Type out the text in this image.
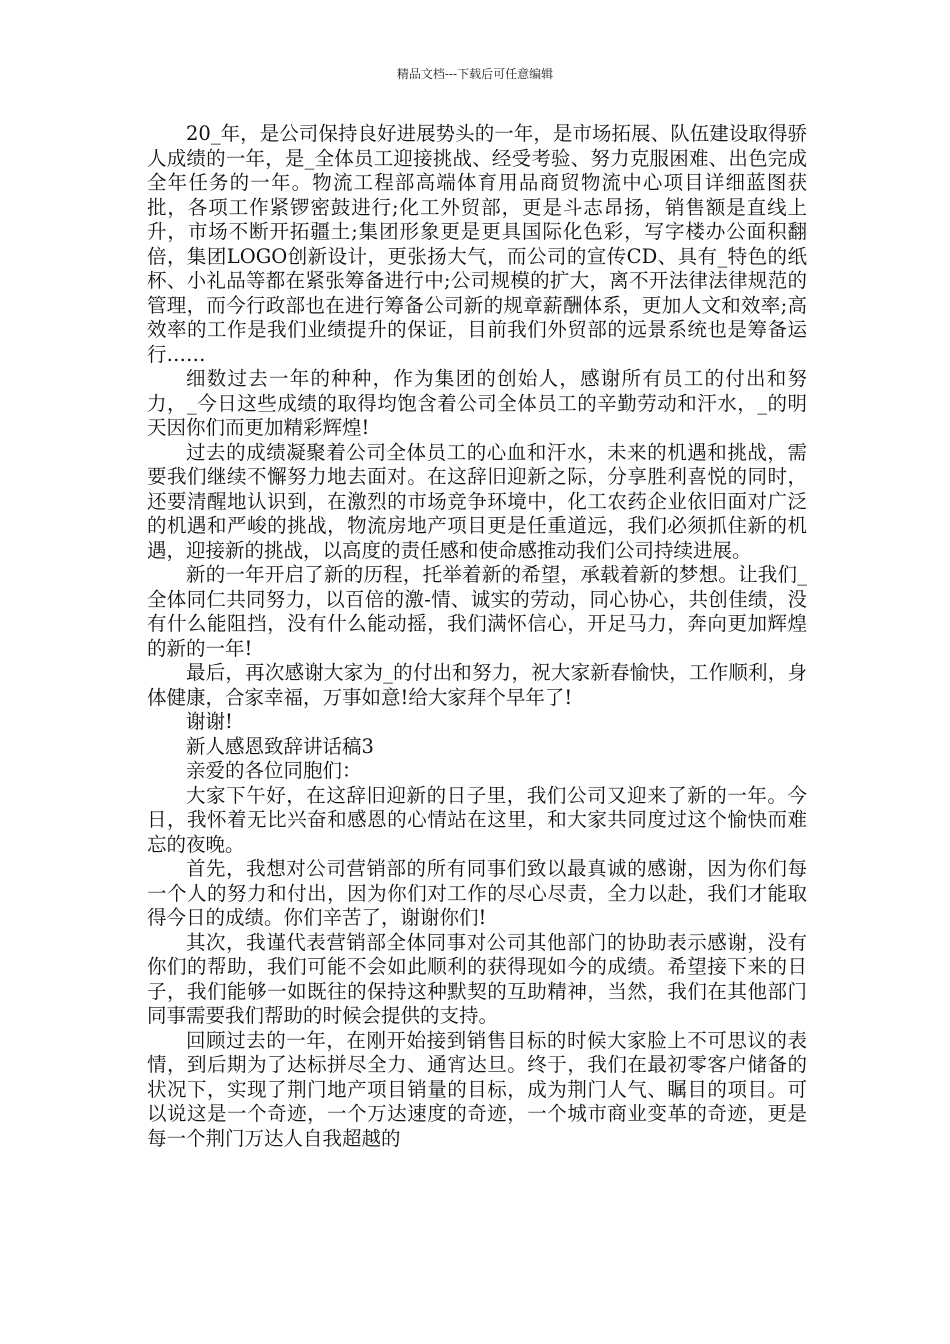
精品文档---下载后可任意编辑

20_年，是公司保持良好进展势头的一年，是市场拓展、队伍建设取得骄人成绩的一年，是_全体员工迎接挑战、经受考验、努力克服困难、出色完成全年任务的一年。物流工程部高端体育用品商贸物流中心项目详细蓝图获批，各项工作紧锣密鼓进行;化工外贸部，更是斗志昂扬，销售额是直线上升，市场不断开拓疆土;集团形象更是更具国际化色彩，写字楼办公面积翻倍，集团LOGO创新设计，更张扬大气，而公司的宣传CD、具有_特色的纸杯、小礼品等都在紧张筹备进行中;公司规模的扩大，离不开法律法律规范的管理，而今行政部也在进行筹备公司新的规章薪酬体系，更加人文和效率;高效率的工作是我们业绩提升的保证，目前我们外贸部的远景系统也是筹备运行……

细数过去一年的种种，作为集团的创始人，感谢所有员工的付出和努力，_今日这些成绩的取得均饱含着公司全体员工的辛勤劳动和汗水，_的明天因你们而更加精彩辉煌!

过去的成绩凝聚着公司全体员工的心血和汗水，未来的机遇和挑战，需要我们继续不懈努力地去面对。在这辞旧迎新之际，分享胜利喜悦的同时，还要清醒地认识到，在激烈的市场竞争环境中，化工农药企业依旧面对广泛的机遇和严峻的挑战，物流房地产项目更是任重道远，我们必须抓住新的机遇，迎接新的挑战，以高度的责任感和使命感推动我们公司持续进展。

新的一年开启了新的历程，托举着新的希望，承载着新的梦想。让我们_全体同仁共同努力，以百倍的激-情、诚实的劳动，同心协心，共创佳绩，没有什么能阻挡，没有什么能动摇，我们满怀信心，开足马力，奔向更加辉煌的新的一年!

最后，再次感谢大家为_的付出和努力，祝大家新春愉快，工作顺利，身体健康，合家幸福，万事如意!给大家拜个早年了!

谢谢!

新人感恩致辞讲话稿3

亲爱的各位同胞们：

大家下午好，在这辞旧迎新的日子里，我们公司又迎来了新的一年。今日，我怀着无比兴奋和感恩的心情站在这里，和大家共同度过这个愉快而难忘的夜晚。

首先，我想对公司营销部的所有同事们致以最真诚的感谢，因为你们每一个人的努力和付出，因为你们对工作的尽心尽责，全力以赴，我们才能取得今日的成绩。你们辛苦了，谢谢你们!

其次，我谨代表营销部全体同事对公司其他部门的协助表示感谢，没有你们的帮助，我们可能不会如此顺利的获得现如今的成绩。希望接下来的日子，我们能够一如既往的保持这种默契的互助精神，当然，我们在其他部门同事需要我们帮助的时候会提供的支持。

回顾过去的一年，在刚开始接到销售目标的时候大家脸上不可思议的表情，到后期为了达标拼尽全力、通宵达旦。终于，我们在最初零客户储备的状况下，实现了荆门地产项目销量的目标，成为荆门人气、瞩目的项目。可以说这是一个奇迹，一个万达速度的奇迹，一个城市商业变革的奇迹，更是每一个荆门万达人自我超越的
